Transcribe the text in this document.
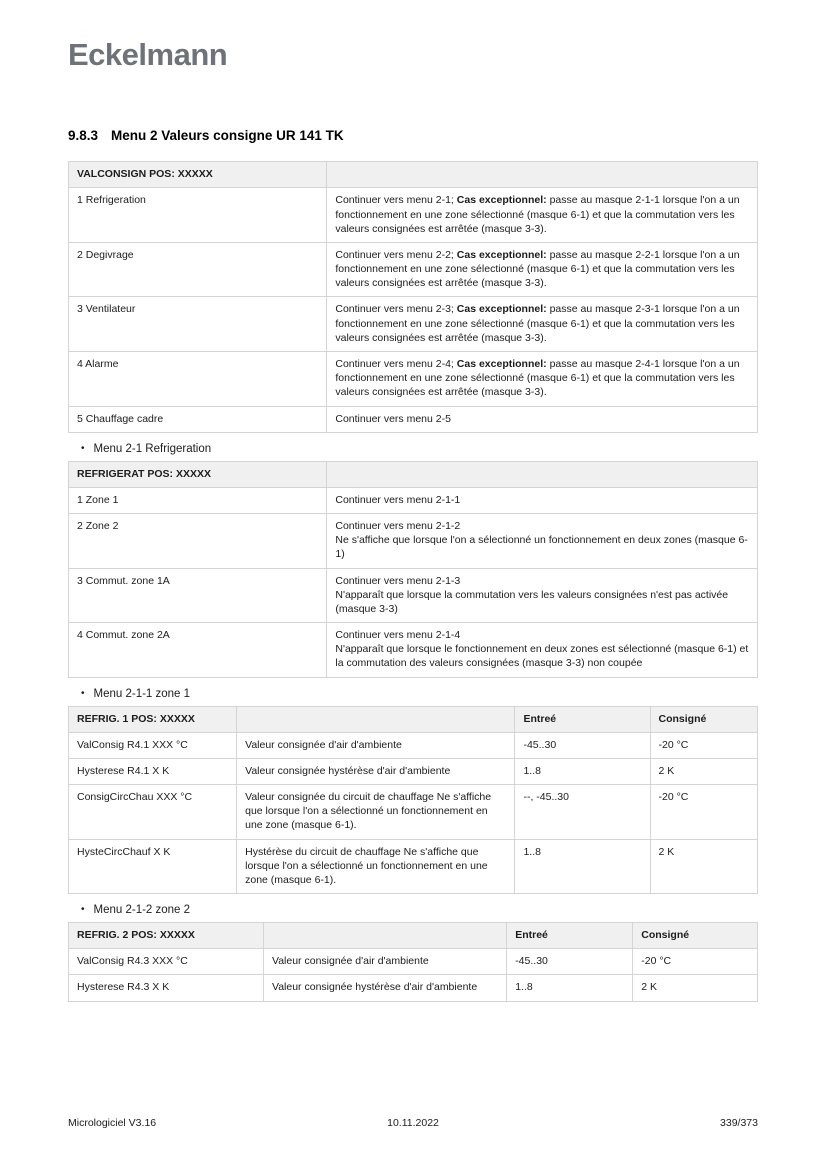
Eckelmann
9.8.3 Menu 2 Valeurs consigne UR 141 TK
VALCONSIGN POS: XXXXX	
1 Refrigeration	Continuer vers menu 2-1; Cas exceptionnel: passe au masque 2-1-1 lorsque l'on a un fonctionnement en une zone sélectionné (masque 6-1) et que la commutation vers les valeurs consignées est arrêtée (masque 3-3).
2 Degivrage	Continuer vers menu 2-2; Cas exceptionnel: passe au masque 2-2-1 lorsque l'on a un fonctionnement en une zone sélectionné (masque 6-1) et que la commutation vers les valeurs consignées est arrêtée (masque 3-3).
3 Ventilateur	Continuer vers menu 2-3; Cas exceptionnel: passe au masque 2-3-1 lorsque l'on a un fonctionnement en une zone sélectionné (masque 6-1) et que la commutation vers les valeurs consignées est arrêtée (masque 3-3).
4 Alarme	Continuer vers menu 2-4; Cas exceptionnel: passe au masque 2-4-1 lorsque l'on a un fonctionnement en une zone sélectionné (masque 6-1) et que la commutation vers les valeurs consignées est arrêtée (masque 3-3).
5 Chauffage cadre	Continuer vers menu 2-5
• Menu 2-1 Refrigeration
REFRIGERAT POS: XXXXX	
1 Zone 1	Continuer vers menu 2-1-1

2 Zone 2	Continuer vers menu 2-1-2
Ne s'affiche que lorsque l'on a sélectionné un fonctionnement en deux zones (masque 6-1)

3 Commut. zone 1A	Continuer vers menu 2-1-3
N'apparaît que lorsque la commutation vers les valeurs consignées n'est pas activée (masque 3-3)

4 Commut. zone 2A	Continuer vers menu 2-1-4
N'apparaît que lorsque le fonctionnement en deux zones est sélectionné (masque 6-1) et la commutation des valeurs consignées (masque 3-3) non coupée
• Menu 2-1-1 zone 1
REFRIG. 1 POS: XXXXX		Entreé	Consigné
ValConsig R4.1 XXX °C	Valeur consignée d'air d'ambiente	-45..30	-20 °C
Hysterese R4.1 X K	Valeur consignée hystérèse d'air d'ambiente	1..8	2 K
ConsigCircChau XXX °C	Valeur consignée du circuit de chauffage Ne s'affiche que lorsque l'on a sélectionné un fonctionnement en une zone (masque 6-1).	--, -45..30	-20 °C
HysteCircChauf X K	Hystérèse du circuit de chauffage Ne s'affiche que lorsque l'on a sélectionné un fonctionnement en une zone (masque 6-1).	1..8	2 K
• Menu 2-1-2 zone 2
REFRIG. 2 POS: XXXXX		Entreé	Consigné
ValConsig R4.3 XXX °C	Valeur consignée d'air d'ambiente	-45..30	-20 °C
Hysterese R4.3 X K	Valeur consignée hystérèse d'air d'ambiente	1..8	2 K
Micrologiciel V3.16	10.11.2022	339/373
